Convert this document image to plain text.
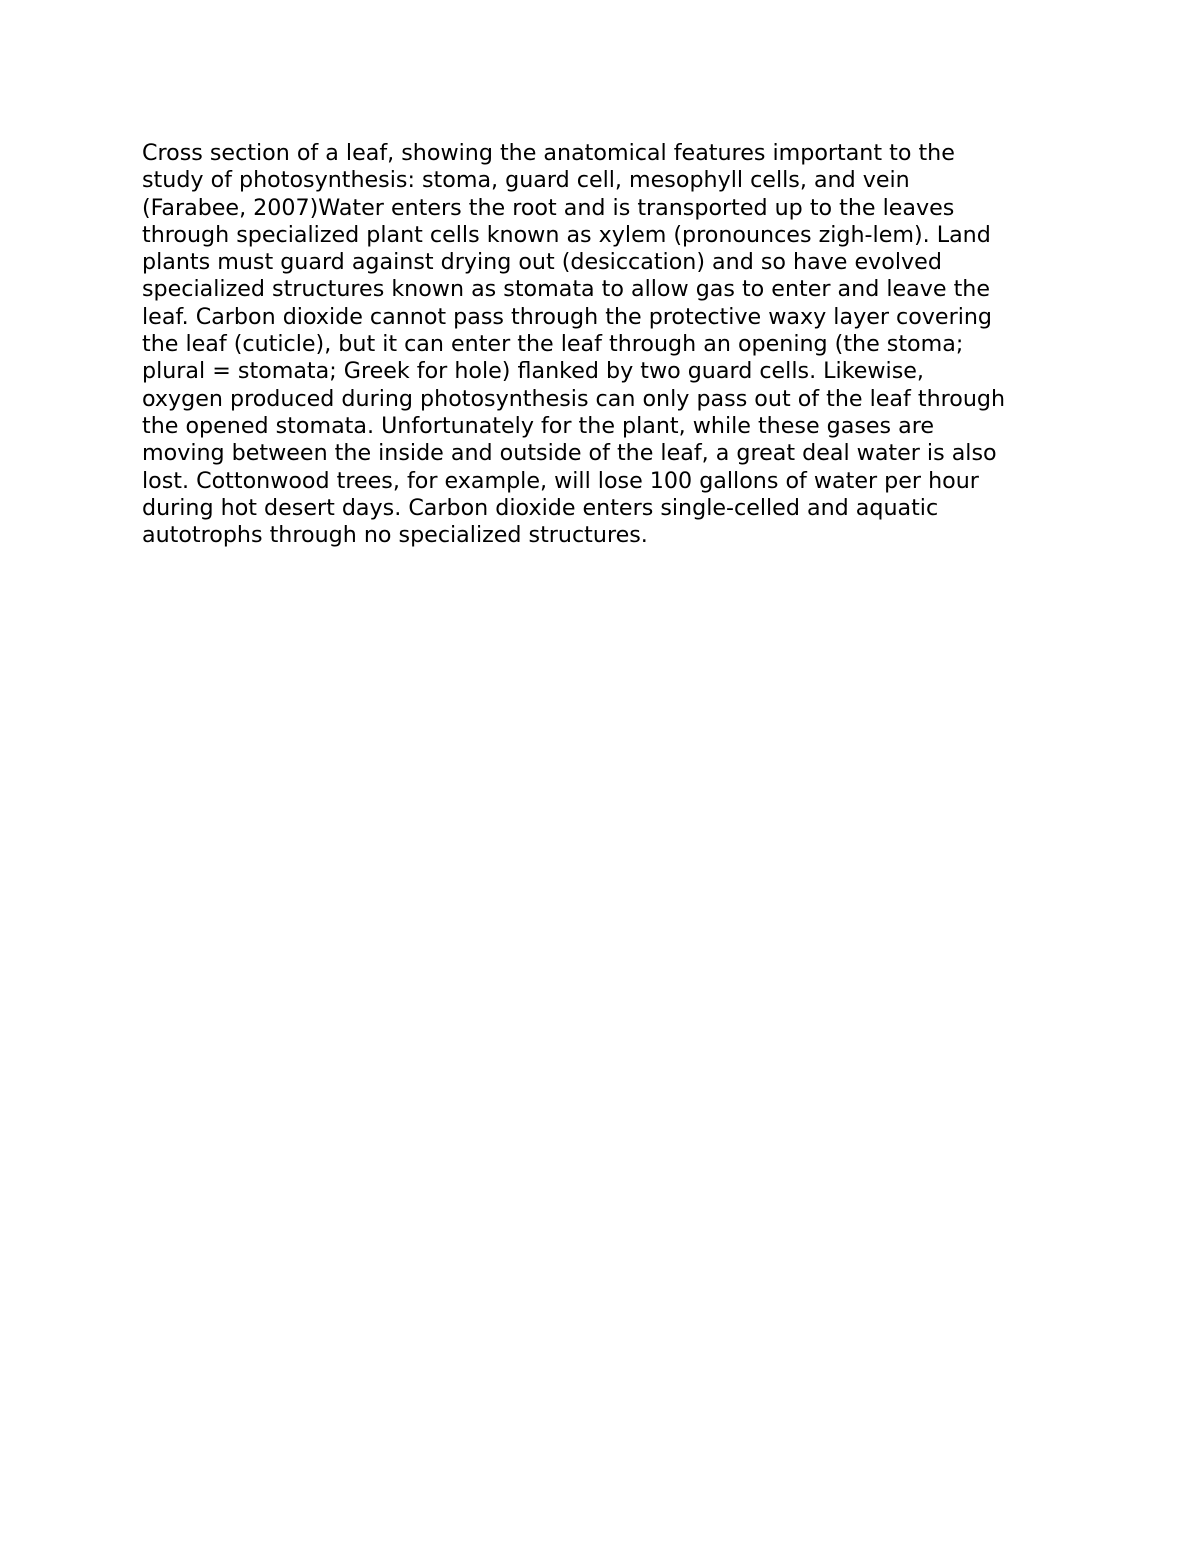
Cross section of a leaf, showing the anatomical features important to the
study of photosynthesis: stoma, guard cell, mesophyll cells, and vein
(Farabee, 2007)Water enters the root and is transported up to the leaves
through specialized plant cells known as xylem (pronounces zigh-lem). Land
plants must guard against drying out (desiccation) and so have evolved
specialized structures known as stomata to allow gas to enter and leave the
leaf. Carbon dioxide cannot pass through the protective waxy layer covering
the leaf (cuticle), but it can enter the leaf through an opening (the stoma;
plural = stomata; Greek for hole) flanked by two guard cells. Likewise,
oxygen produced during photosynthesis can only pass out of the leaf through
the opened stomata. Unfortunately for the plant, while these gases are
moving between the inside and outside of the leaf, a great deal water is also
lost. Cottonwood trees, for example, will lose 100 gallons of water per hour
during hot desert days. Carbon dioxide enters single-celled and aquatic
autotrophs through no specialized structures.
